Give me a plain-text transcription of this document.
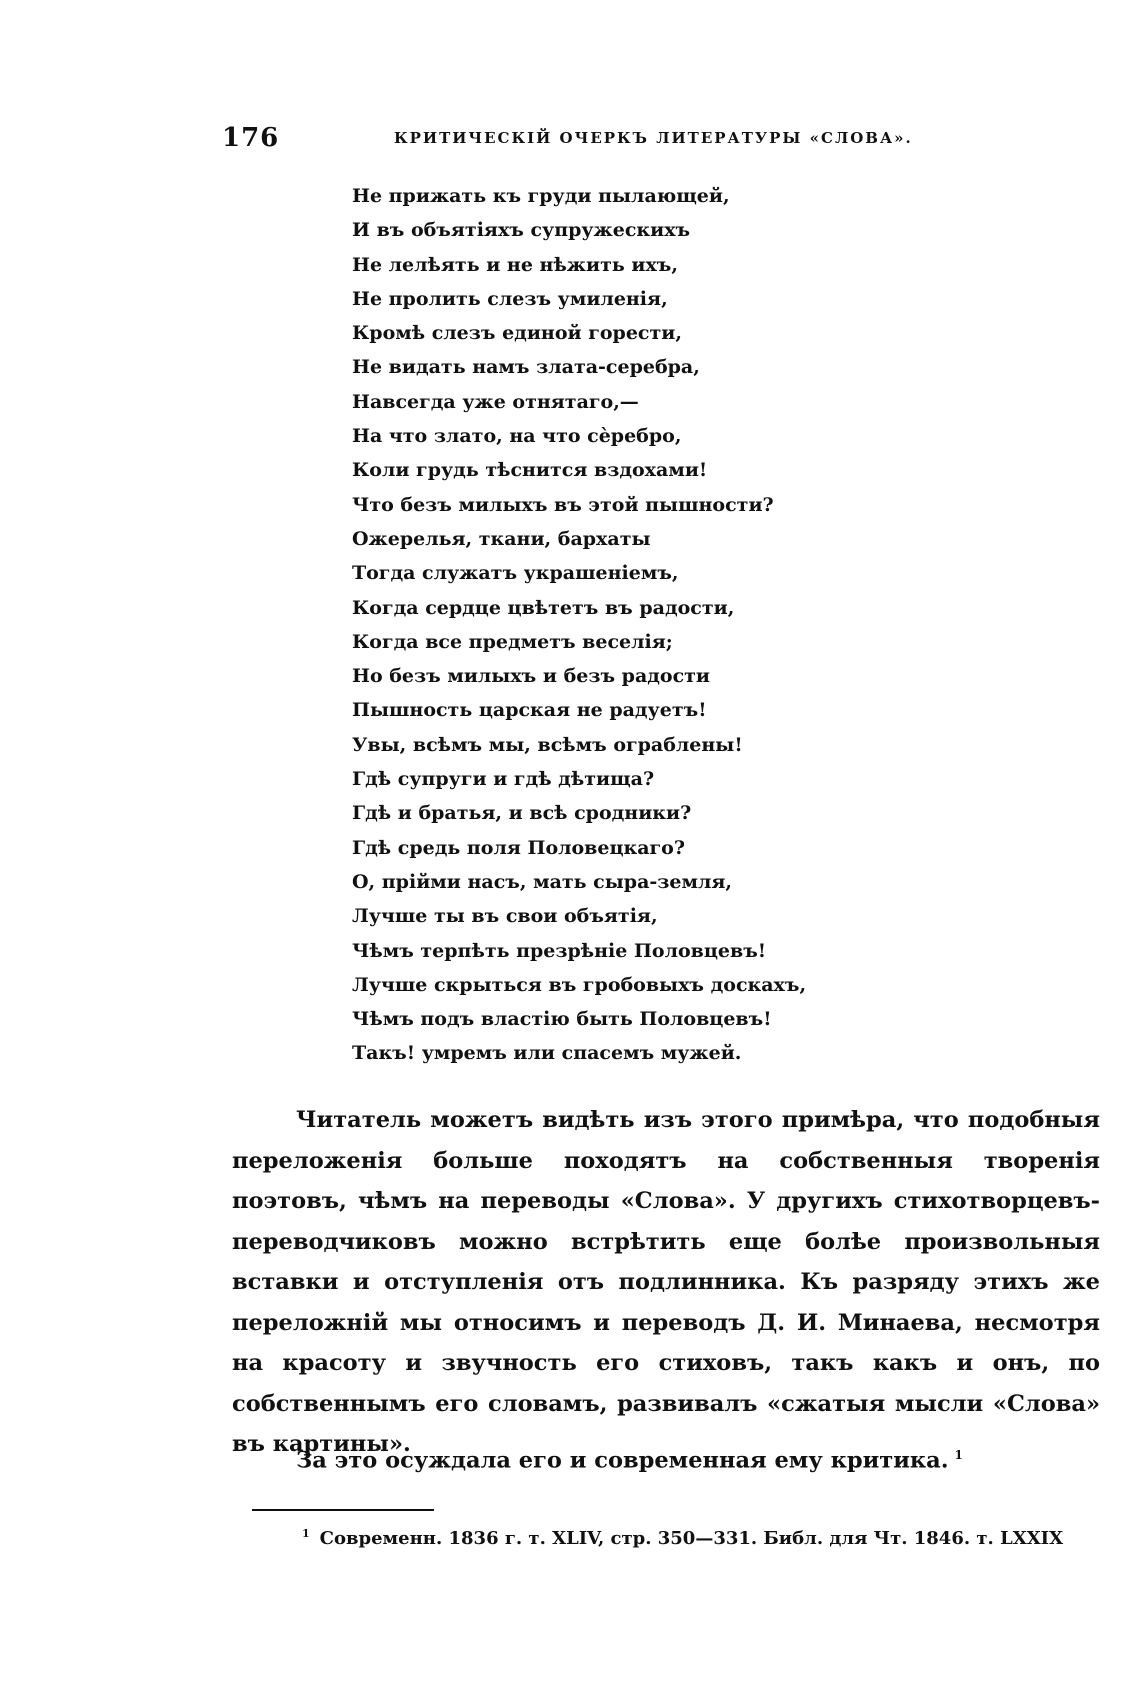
176	КРИТИЧЕСКІЙ ОЧЕРКЪ ЛИТЕРАТУРЫ «СЛОВА».
Не прижать къ груди пылающей,
И въ объятіяхъ супружескихъ
Не лелѣять и не нѣжить ихъ,
Не пролить слезъ умиленія,
Кромѣ слезъ единой горести,
Не видать намъ злата-серебра,
Навсегда уже отнятаго,—
На что злато, на что сѐребро,
Коли грудь тѣснится вздохами!
Что безъ милыхъ въ этой пышности?
Ожерелья, ткани, бархаты
Тогда служатъ украшеніемъ,
Когда сердце цвѣтетъ въ радости,
Когда все предметъ веселія;
Но безъ милыхъ и безъ радости
Пышность царская не радуетъ!
Увы, всѣмъ мы, всѣмъ ограблены!
Гдѣ супруги и гдѣ дѣтища?
Гдѣ и братья, и всѣ сродники?
Гдѣ средь поля Половецкаго?
О, прійми насъ, мать сыра-земля,
Лучше ты въ свои объятія,
Чѣмъ терпѣть презрѣніе Половцевъ!
Лучше скрыться въ гробовыхъ доскахъ,
Чѣмъ подъ властію быть Половцевъ!
Такъ! умремъ или спасемъ мужей.

Читатель можетъ видѣть изъ этого примѣра, что подобныя переложенія больше походятъ на собственныя творенія поэтовъ, чѣмъ на переводы «Слова». У другихъ стихотворцевъ-переводчиковъ можно встрѣтить еще болѣе произвольныя вставки и отступленія отъ подлинника. Къ разряду этихъ же переложній мы относимъ и переводъ Д. И. Минаева, несмотря на красоту и звучность его стиховъ, такъ какъ и онъ, по собственнымъ его словамъ, развивалъ «сжатыя мысли «Слова» въ картины».

За это осуждала его и современная ему критика. $^1$

$^1$ Современн. 1836 г. т. XLIV, стр. 350—331. Библ. для Чт. 1846. т. LXXIX
